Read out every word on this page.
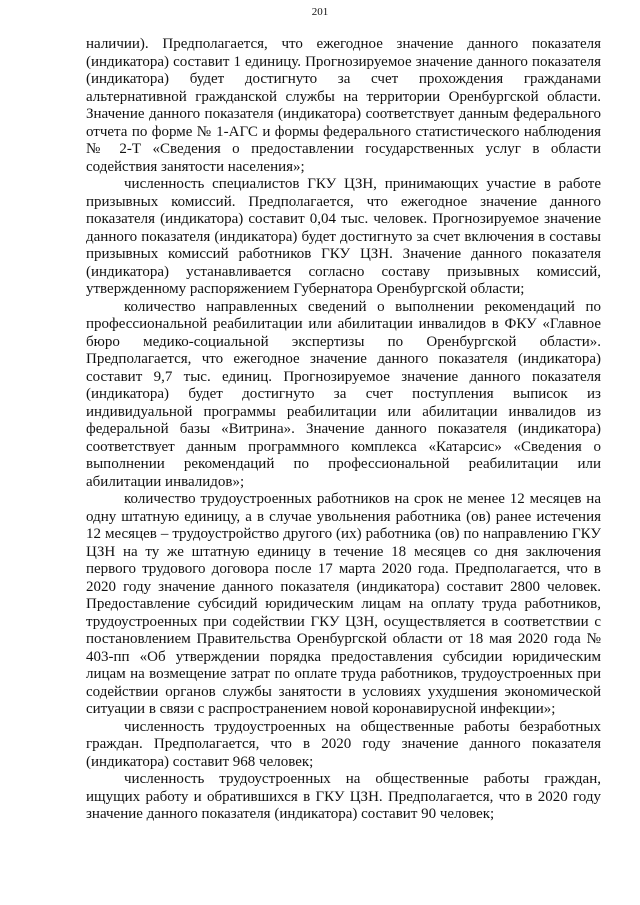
201

наличии). Предполагается, что ежегодное значение данного показателя (индикатора) составит 1 единицу. Прогнозируемое значение данного показателя (индикатора) будет достигнуто за счет прохождения гражданами альтернативной гражданской службы на территории Оренбургской области. Значение данного показателя (индикатора) соответствует данным федерального отчета по форме № 1-АГС и формы федерального статистического наблюдения № 2-Т «Сведения о предоставлении государственных услуг в области содействия занятости населения»;

численность специалистов ГКУ ЦЗН, принимающих участие в работе призывных комиссий. Предполагается, что ежегодное значение данного показателя (индикатора) составит 0,04 тыс. человек. Прогнозируемое значение данного показателя (индикатора) будет достигнуто за счет включения в составы призывных комиссий работников ГКУ ЦЗН. Значение данного показателя (индикатора) устанавливается согласно составу призывных комиссий, утвержденному распоряжением Губернатора Оренбургской области;

количество направленных сведений о выполнении рекомендаций по профессиональной реабилитации или абилитации инвалидов в ФКУ «Главное бюро медико-социальной экспертизы по Оренбургской области». Предполагается, что ежегодное значение данного показателя (индикатора) составит 9,7 тыс. единиц. Прогнозируемое значение данного показателя (индикатора) будет достигнуто за счет поступления выписок из индивидуальной программы реабилитации или абилитации инвалидов из федеральной базы «Витрина». Значение данного показателя (индикатора) соответствует данным программного комплекса «Катарсис» «Сведения о выполнении рекомендаций по профессиональной реабилитации или абилитации инвалидов»;

количество трудоустроенных работников на срок не менее 12 месяцев на одну штатную единицу, а в случае увольнения работника (ов) ранее истечения 12 месяцев – трудоустройство другого (их) работника (ов) по направлению ГКУ ЦЗН на ту же штатную единицу в течение 18 месяцев со дня заключения первого трудового договора после 17 марта 2020 года. Предполагается, что в 2020 году значение данного показателя (индикатора) составит 2800 человек. Предоставление субсидий юридическим лицам на оплату труда работников, трудоустроенных при содействии ГКУ ЦЗН, осуществляется в соответствии с постановлением Правительства Оренбургской области от 18 мая 2020 года № 403-пп «Об утверждении порядка предоставления субсидии юридическим лицам на возмещение затрат по оплате труда работников, трудоустроенных при содействии органов службы занятости в условиях ухудшения экономической ситуации в связи с распространением новой коронавирусной инфекции»;

численность трудоустроенных на общественные работы безработных граждан. Предполагается, что в 2020 году значение данного показателя (индикатора) составит 968 человек;

численность трудоустроенных на общественные работы граждан, ищущих работу и обратившихся в ГКУ ЦЗН. Предполагается, что в 2020 году значение данного показателя (индикатора) составит 90 человек;
